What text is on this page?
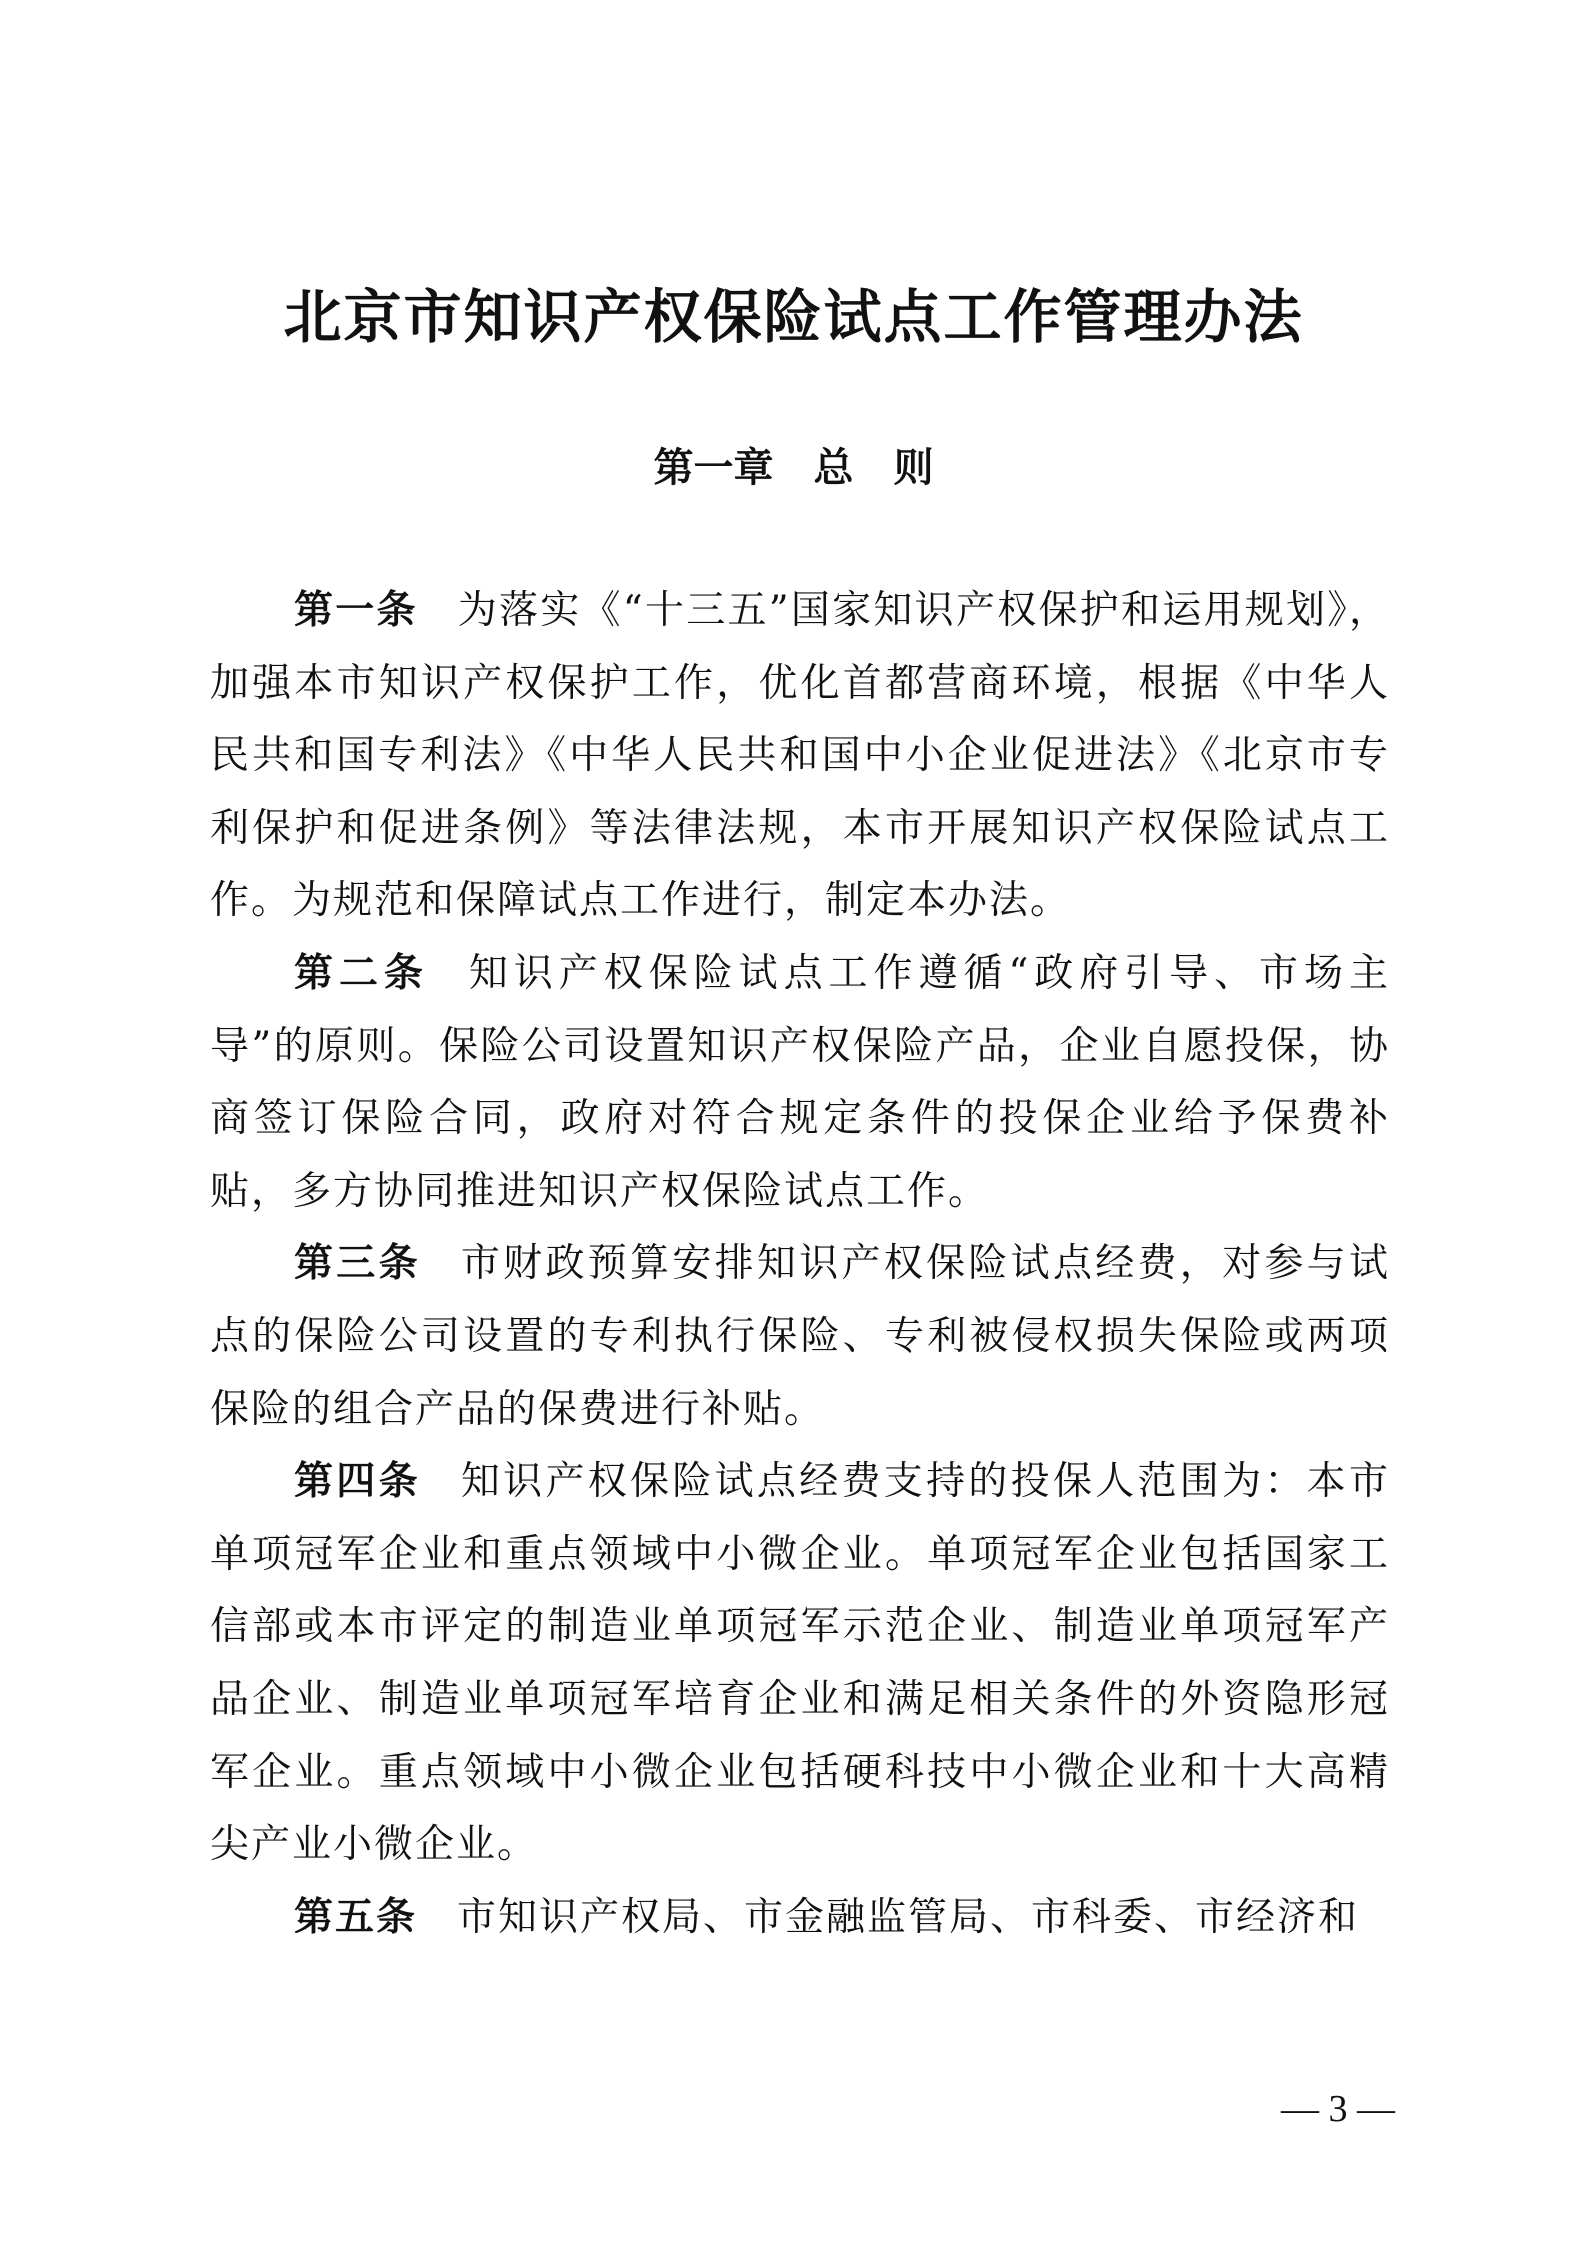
北京市知识产权保险试点工作管理办法
第一章　总　则

第一条 为落实《“十三五”国家知识产权保护和运用规划》，加强本市知识产权保护工作，优化首都营商环境，根据《中华人民共和国专利法》《中华人民共和国中小企业促进法》《北京市专利保护和促进条例》等法律法规，本市开展知识产权保险试点工作。为规范和保障试点工作进行，制定本办法。

第二条 知识产权保险试点工作遵循“政府引导、市场主导”的原则。保险公司设置知识产权保险产品，企业自愿投保，协商签订保险合同，政府对符合规定条件的投保企业给予保费补贴，多方协同推进知识产权保险试点工作。

第三条 市财政预算安排知识产权保险试点经费，对参与试点的保险公司设置的专利执行保险、专利被侵权损失保险或两项保险的组合产品的保费进行补贴。

第四条 知识产权保险试点经费支持的投保人范围为：本市单项冠军企业和重点领域中小微企业。单项冠军企业包括国家工信部或本市评定的制造业单项冠军示范企业、制造业单项冠军产品企业、制造业单项冠军培育企业和满足相关条件的外资隐形冠军企业。重点领域中小微企业包括硬科技中小微企业和十大高精尖产业小微企业。

第五条 市知识产权局、市金融监管局、市科委、市经济和

— 3 —
